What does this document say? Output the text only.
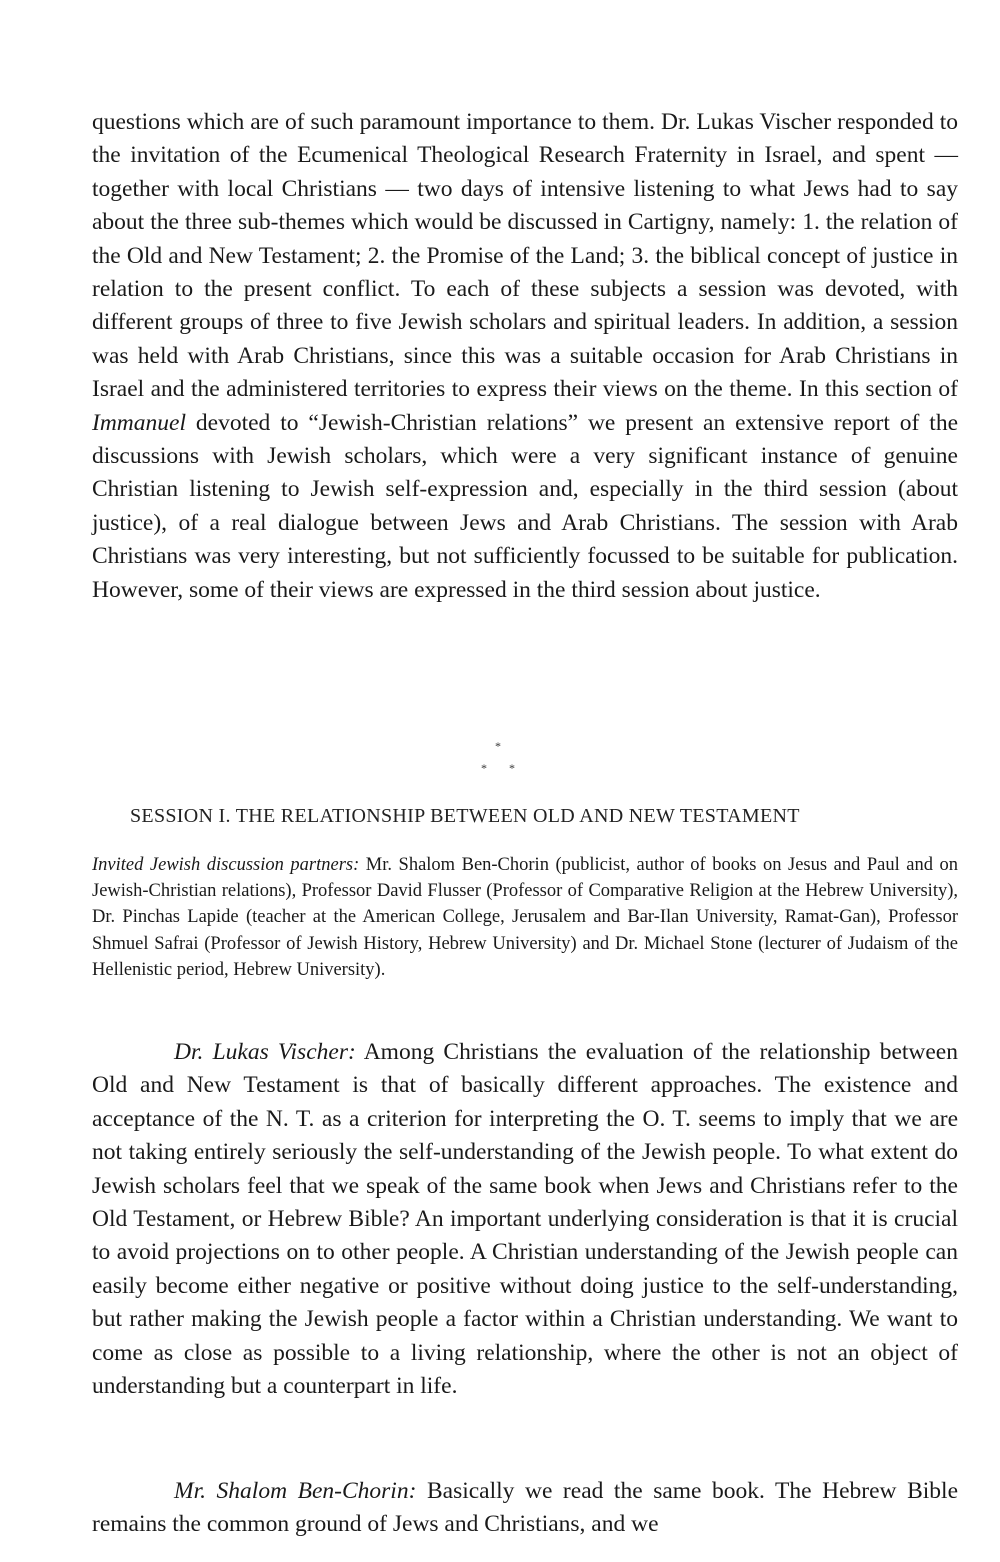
questions which are of such paramount importance to them. Dr. Lukas Vischer responded to the invitation of the Ecumenical Theological Research Fraternity in Israel, and spent — together with local Christians — two days of intensive listening to what Jews had to say about the three sub-themes which would be discussed in Cartigny, namely: 1. the relation of the Old and New Testament; 2. the Promise of the Land; 3. the biblical concept of justice in relation to the present conflict. To each of these subjects a session was devoted, with different groups of three to five Jewish scholars and spiritual leaders. In addition, a session was held with Arab Christians, since this was a suitable occasion for Arab Christians in Israel and the administered territories to express their views on the theme. In this section of Immanuel devoted to “Jewish-Christian relations” we present an extensive report of the discussions with Jewish scholars, which were a very significant instance of genuine Christian listening to Jewish self-expression and, especially in the third session (about justice), of a real dialogue between Jews and Arab Christians. The session with Arab Christians was very interesting, but not sufficiently focussed to be suitable for publication. However, some of their views are expressed in the third session about justice.

*
* *
SESSION I. THE RELATIONSHIP BETWEEN OLD AND NEW TESTAMENT

Invited Jewish discussion partners: Mr. Shalom Ben-Chorin (publicist, author of books on Jesus and Paul and on Jewish-Christian relations), Professor David Flusser (Professor of Comparative Religion at the Hebrew University), Dr. Pinchas Lapide (teacher at the American College, Jerusalem and Bar-Ilan University, Ramat-Gan), Professor Shmuel Safrai (Professor of Jewish History, Hebrew University) and Dr. Michael Stone (lecturer of Judaism of the Hellenistic period, Hebrew University).

Dr. Lukas Vischer: Among Christians the evaluation of the relationship between Old and New Testament is that of basically different approaches. The existence and acceptance of the N. T. as a criterion for interpreting the O. T. seems to imply that we are not taking entirely seriously the self-understanding of the Jewish people. To what extent do Jewish scholars feel that we speak of the same book when Jews and Christians refer to the Old Testament, or Hebrew Bible? An important underlying consideration is that it is crucial to avoid projections on to other people. A Christian understanding of the Jewish people can easily become either negative or positive without doing justice to the self-understanding, but rather making the Jewish people a factor within a Christian understanding. We want to come as close as possible to a living relationship, where the other is not an object of understanding but a counterpart in life.

Mr. Shalom Ben-Chorin: Basically we read the same book. The Hebrew Bible remains the common ground of Jews and Christians, and we
